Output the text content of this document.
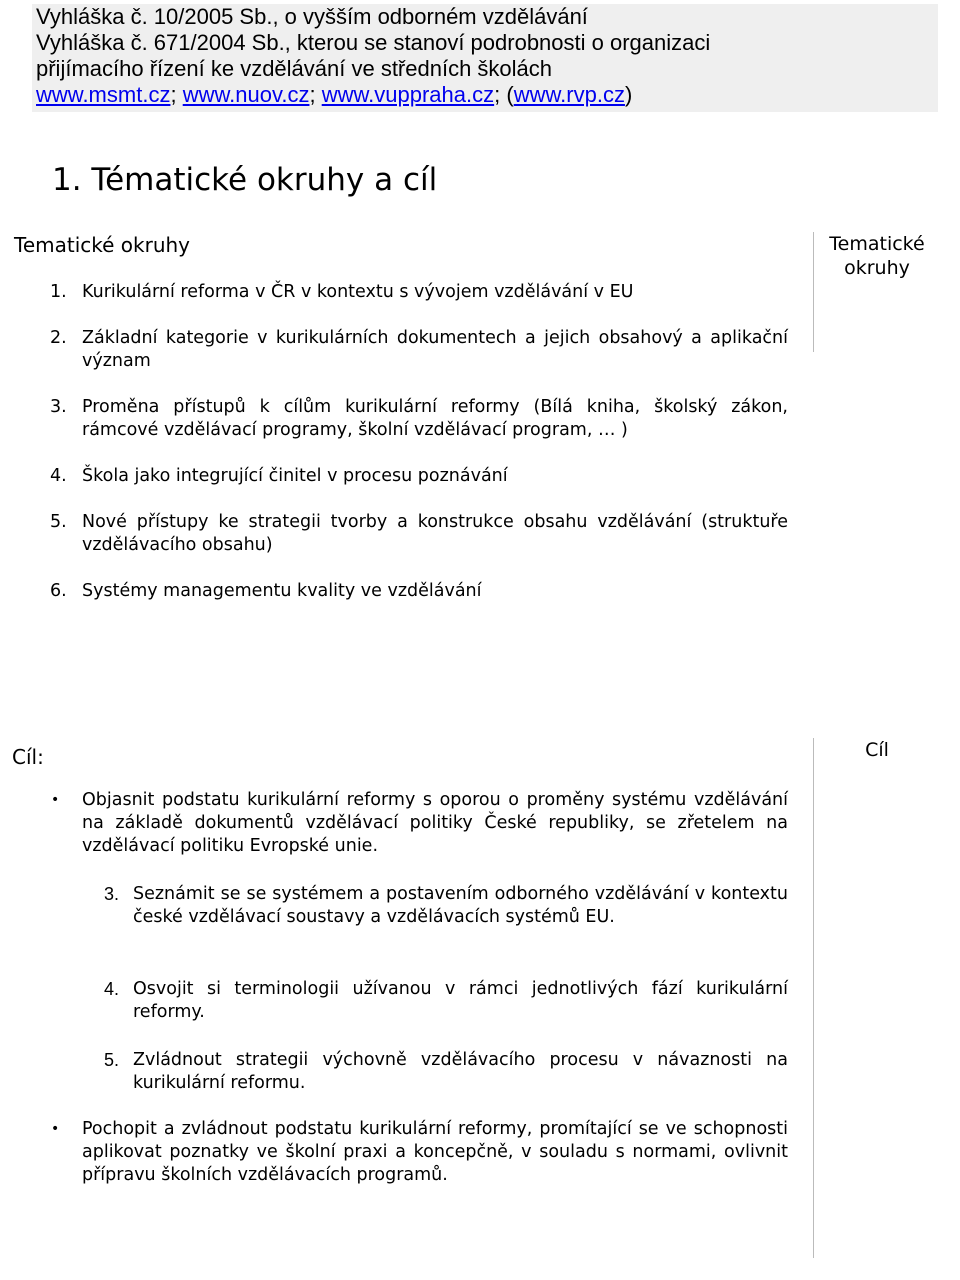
Vyhláška č. 10/2005 Sb., o vyšším odborném vzdělávání
Vyhláška č. 671/2004 Sb., kterou se stanoví podrobnosti o organizaci
přijímacího řízení ke vzdělávání ve středních školách
www.msmt.cz; www.nuov.cz; www.vuppraha.cz; (www.rvp.cz)
1. Tématické okruhy a cíl
Tematické okruhy	Tematické okruhy
1. Kurikulární reforma v ČR v kontextu s vývojem vzdělávání v EU
2. Základní kategorie v kurikulárních dokumentech a jejich obsahový a aplikační význam
3. Proměna přístupů k cílům kurikulární reformy (Bílá kniha, školský zákon, rámcové vzdělávací programy, školní vzdělávací program, … )
4. Škola jako integrující činitel v procesu poznávání
5. Nové přístupy ke strategii tvorby a konstrukce obsahu vzdělávání (struktuře vzdělávacího obsahu)
6. Systémy managementu kvality ve vzdělávání
Cíl:	Cíl
• Objasnit podstatu kurikulární reformy s oporou o proměny systému vzdělávání na základě dokumentů vzdělávací politiky České republiky, se zřetelem na vzdělávací politiku Evropské unie.
3. Seznámit se se systémem a postavením odborného vzdělávání v kontextu české vzdělávací soustavy a vzdělávacích systémů EU.
4. Osvojit si terminologii užívanou v rámci jednotlivých fází kurikulární reformy.
5. Zvládnout strategii výchovně vzdělávacího procesu v návaznosti na kurikulární reformu.
• Pochopit a zvládnout podstatu kurikulární reformy, promítající se ve schopnosti aplikovat poznatky ve školní praxi a koncepčně, v souladu s normami, ovlivnit přípravu školních vzdělávacích programů.
